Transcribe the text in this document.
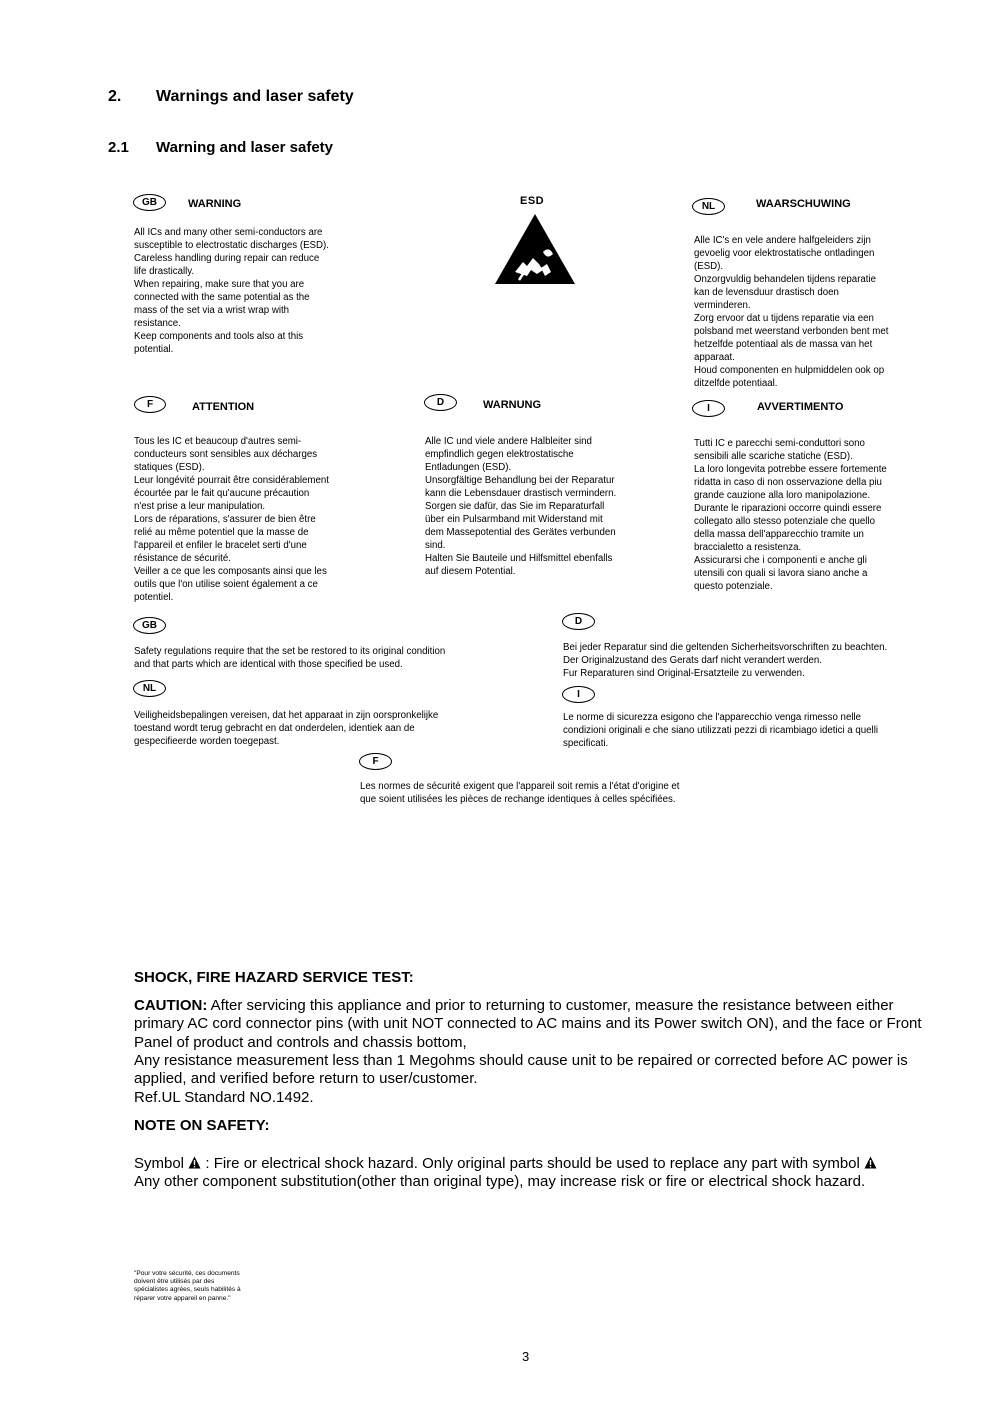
2. Warnings and laser safety
2.1 Warning and laser safety
GB	WARNING
All ICs and many other semi-conductors are
susceptible to electrostatic discharges (ESD).
Careless handling during repair can reduce
life drastically.
When repairing, make sure that you are
connected with the same potential as the
mass of the set via a wrist wrap with
resistance.
Keep components and tools also at this
potential.
ESD	NL	WAARSCHUWING
Alle IC's en vele andere halfgeleiders zijn
gevoelig voor elektrostatische ontladingen
(ESD).
Onzorgvuldig behandelen tijdens reparatie
kan de levensduur drastisch doen
verminderen.
Zorg ervoor dat u tijdens reparatie via een
polsband met weerstand verbonden bent met
hetzelfde potentiaal als de massa van het
apparaat.
Houd componenten en hulpmiddelen ook op
ditzelfde potentiaal.
F	ATTENTION
Tous les IC et beaucoup d'autres semi-
conducteurs sont sensibles aux décharges
statiques (ESD).
Leur longévité pourrait être considérablement
écourtée par le fait qu'aucune précaution
n'est prise a leur manipulation.
Lors de réparations, s'assurer de bien être
relié au même potentiel que la masse de
l'appareil et enfiler le bracelet serti d'une
résistance de sécurité.
Veiller a ce que les composants ainsi que les
outils que l'on utilise soient également a ce
potentiel.
D	WARNUNG
Alle IC und viele andere Halbleiter sind
empfindlich gegen elektrostatische
Entladungen (ESD).
Unsorgfältige Behandlung bei der Reparatur
kann die Lebensdauer drastisch vermindern.
Sorgen sie dafür, das Sie im Reparaturfall
über ein Pulsarmband mit Widerstand mit
dem Massepotential des Gerätes verbunden
sind.
Halten Sie Bauteile und Hilfsmittel ebenfalls
auf diesem Potential.
I	AVVERTIMENTO
Tutti IC e parecchi semi-conduttori sono
sensibili alle scariche statiche (ESD).
La loro longevita potrebbe essere fortemente
ridatta in caso di non osservazione della piu
grande cauzione alla loro manipolazione.
Durante le riparazioni occorre quindi essere
collegato allo stesso potenziale che quello
della massa dell'apparecchio tramite un
braccialetto a resistenza.
Assicurarsi che i componenti e anche gli
utensili con quali si lavora siano anche a
questo potenziale.
GB
Safety regulations require that the set be restored to its original condition
and that parts which are identical with those specified be used.
D
Bei jeder Reparatur sind die geltenden Sicherheitsvorschriften zu beachten.
Der Originalzustand des Gerats darf nicht verandert werden.
Fur Reparaturen sind Original-Ersatzteile zu verwenden.
NL
Veiligheidsbepalingen vereisen, dat het apparaat in zijn oorspronkelijke
toestand wordt terug gebracht en dat onderdelen, identiek aan de
gespecifieerde worden toegepast.
I
Le norme di sicurezza esigono che l'apparecchio venga rimesso nelle
condizioni originali e che siano utilizzati pezzi di ricambiago idetici a quelli
specificati.
F
Les normes de sécurité exigent que l'appareil soit remis a l'état d'origine et
que soient utilisées les pièces de rechange identiques à celles spécifiées.
SHOCK, FIRE HAZARD SERVICE TEST:
CAUTION: After servicing this appliance and prior to returning to customer, measure the resistance between either primary AC cord connector pins (with unit NOT connected to AC mains and its Power switch ON), and the face or Front Panel of product and controls and chassis bottom,
Any resistance measurement less than 1 Megohms should cause unit to be repaired or corrected before AC power is applied, and verified before return to user/customer.
Ref.UL Standard NO.1492.
NOTE ON SAFETY:
Symbol  : Fire or electrical shock hazard. Only original parts should be used to replace any part with symbol
Any other component substitution(other than original type), may increase risk or fire or electrical shock hazard.
"Pour votre sécurité, ces documents
doivent être utilisés par des
spécialistes agrées, seuls habilités à
réparer votre appareil en panne."
3
